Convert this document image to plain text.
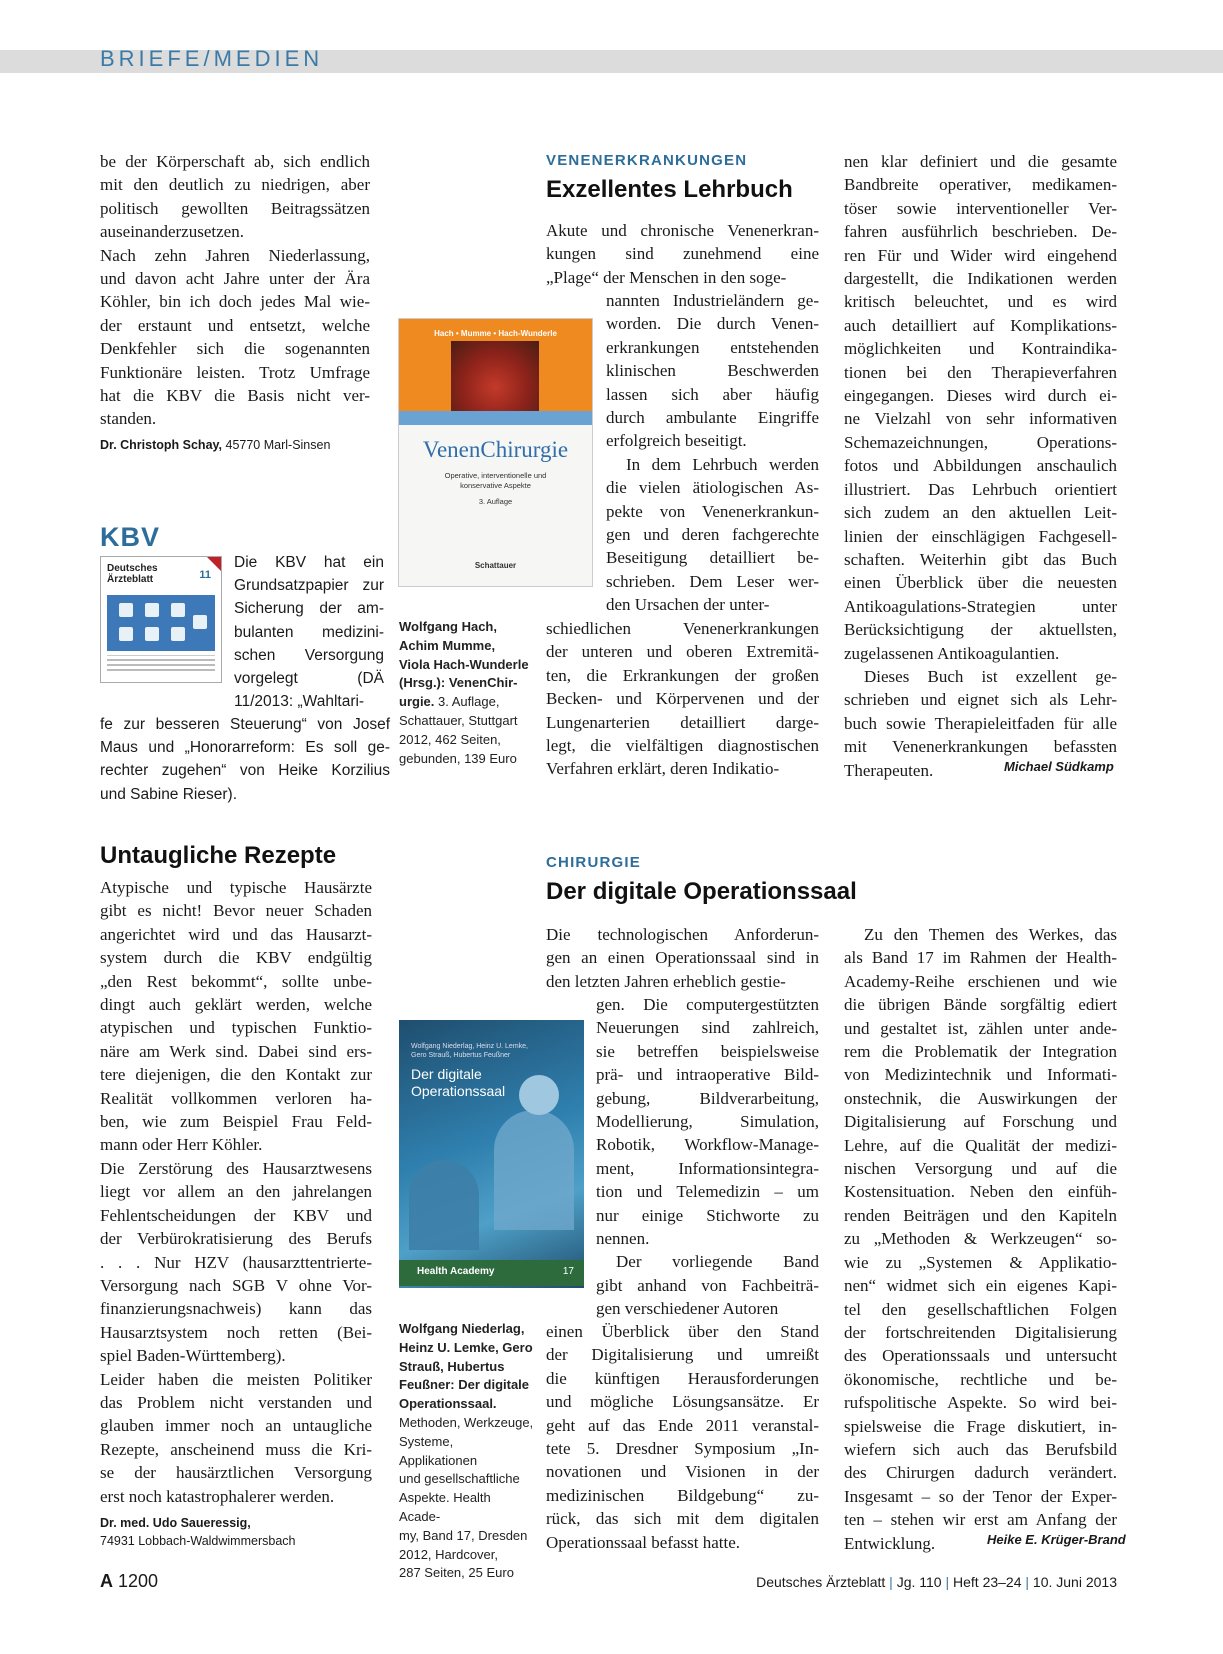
BRIEFE/MEDIEN
be der Körperschaft ab, sich endlich
mit den deutlich zu niedrigen, aber
politisch gewollten Beitragssätzen
auseinanderzusetzen.
Nach zehn Jahren Niederlassung,
und davon acht Jahre unter der Ära
Köhler, bin ich doch jedes Mal wie-
der erstaunt und entsetzt, welche
Denkfehler sich die sogenannten
Funktionäre leisten. Trotz Umfrage
hat die KBV die Basis nicht ver-
standen.
Dr. Christoph Schay, 45770 Marl-Sinsen
KBV
Deutsches
Ärzteblatt	11
Die KBV hat ein
Grundsatzpapier zur
Sicherung der am-
bulanten medizini-
schen Versorgung
vorgelegt (DÄ
11/2013: „Wahltari-
fe zur besseren Steuerung“ von Josef
Maus und „Honorarreform: Es soll ge-
rechter zugehen“ von Heike Korzilius
und Sabine Rieser).
Untaugliche Rezepte
Atypische und typische Hausärzte
gibt es nicht! Bevor neuer Schaden
angerichtet wird und das Hausarzt-
system durch die KBV endgültig
„den Rest bekommt“, sollte unbe-
dingt auch geklärt werden, welche
atypischen und typischen Funktio-
näre am Werk sind. Dabei sind ers-
tere diejenigen, die den Kontakt zur
Realität vollkommen verloren ha-
ben, wie zum Beispiel Frau Feld-
mann oder Herr Köhler.
Die Zerstörung des Hausarztwesens
liegt vor allem an den jahrelangen
Fehlentscheidungen der KBV und
der Verbürokratisierung des Berufs
. . . Nur HZV (hausarzttentrierte-
Versorgung nach SGB V ohne Vor-
finanzierungsnachweis) kann das
Hausarztsystem noch retten (Bei-
spiel Baden-Württemberg).
Leider haben die meisten Politiker
das Problem nicht verstanden und
glauben immer noch an untaugliche
Rezepte, anscheinend muss die Kri-
se der hausärztlichen Versorgung
erst noch katastrophalerer werden.
Dr. med. Udo Saueressig,
74931 Lobbach-Waldwimmersbach
Hach • Mumme • Hach-Wunderle
VenenChirurgie
Operative, interventionelle und
konservative Aspekte
3. Auflage
Schattauer
Wolfgang Hach,
Achim Mumme,
Viola Hach-Wunderle
(Hrsg.): VenenChir-
urgie. 3. Auflage,
Schattauer, Stuttgart
2012, 462 Seiten,
gebunden, 139 Euro
VENENERKRANKUNGEN
Exzellentes Lehrbuch
Akute und chronische Venenerkran-
kungen sind zunehmend eine
„Plage“ der Menschen in den soge-
nannten Industrieländern ge-
worden. Die durch Venen-
erkrankungen entstehenden
klinischen Beschwerden
lassen sich aber häufig
durch ambulante Eingriffe
erfolgreich beseitigt.
In dem Lehrbuch werden
die vielen ätiologischen As-
pekte von Venenerkrankun-
gen und deren fachgerechte
Beseitigung detailliert be-
schrieben. Dem Leser wer-
den Ursachen der unter-
schiedlichen Venenerkrankungen
der unteren und oberen Extremitä-
ten, die Erkrankungen der großen
Becken- und Körpervenen und der
Lungenarterien detailliert darge-
legt, die vielfältigen diagnostischen
Verfahren erklärt, deren Indikatio-
nen klar definiert und die gesamte
Bandbreite operativer, medikamen-
töser sowie interventioneller Ver-
fahren ausführlich beschrieben. De-
ren Für und Wider wird eingehend
dargestellt, die Indikationen werden
kritisch beleuchtet, und es wird
auch detailliert auf Komplikations-
möglichkeiten und Kontraindika-
tionen bei den Therapieverfahren
eingegangen. Dieses wird durch ei-
ne Vielzahl von sehr informativen
Schemazeichnungen, Operations-
fotos und Abbildungen anschaulich
illustriert. Das Lehrbuch orientiert
sich zudem an den aktuellen Leit-
linien der einschlägigen Fachgesell-
schaften. Weiterhin gibt das Buch
einen Überblick über die neuesten
Antikoagulations-Strategien unter
Berücksichtigung der aktuellsten,
zugelassenen Antikoagulantien.
Dieses Buch ist exzellent ge-
schrieben und eignet sich als Lehr-
buch sowie Therapieleitfaden für alle
mit Venenerkrankungen befassten
Therapeuten.	Michael Südkamp
Wolfgang Niederlag, Heinz U. Lemke,
Gero Strauß, Hubertus Feußner
Der digitale
Operationssaal
Health Academy	17
Wolfgang Niederlag,
Heinz U. Lemke, Gero
Strauß, Hubertus
Feußner: Der digitale
Operationssaal.
Methoden, Werkzeuge,
Systeme, Applikationen
und gesellschaftliche
Aspekte. Health Acade-
my, Band 17, Dresden
2012, Hardcover,
287 Seiten, 25 Euro
CHIRURGIE
Der digitale Operationssaal
Die technologischen Anforderun-
gen an einen Operationssaal sind in
den letzten Jahren erheblich gestie-
gen. Die computergestützten
Neuerungen sind zahlreich,
sie betreffen beispielsweise
prä- und intraoperative Bild-
gebung, Bildverarbeitung,
Modellierung, Simulation,
Robotik, Workflow-Manage-
ment, Informationsintegra-
tion und Telemedizin – um
nur einige Stichworte zu
nennen.
Der vorliegende Band
gibt anhand von Fachbeiträ-
gen verschiedener Autoren
einen Überblick über den Stand
der Digitalisierung und umreißt
die künftigen Herausforderungen
und mögliche Lösungsansätze. Er
geht auf das Ende 2011 veranstal-
tete 5. Dresdner Symposium „In-
novationen und Visionen in der
medizinischen Bildgebung“ zu-
rück, das sich mit dem digitalen
Operationssaal befasst hatte.
Zu den Themen des Werkes, das
als Band 17 im Rahmen der Health-
Academy-Reihe erschienen und wie
die übrigen Bände sorgfältig ediert
und gestaltet ist, zählen unter ande-
rem die Problematik der Integration
von Medizintechnik und Informati-
onstechnik, die Auswirkungen der
Digitalisierung auf Forschung und
Lehre, auf die Qualität der medizi-
nischen Versorgung und auf die
Kostensituation. Neben den einfüh-
renden Beiträgen und den Kapiteln
zu „Methoden & Werkzeugen“ so-
wie zu „Systemen & Applikatio-
nen“ widmet sich ein eigenes Kapi-
tel den gesellschaftlichen Folgen
der fortschreitenden Digitalisierung
des Operationssaals und untersucht
ökonomische, rechtliche und be-
rufspolitische Aspekte. So wird bei-
spielsweise die Frage diskutiert, in-
wiefern sich auch das Berufsbild
des Chirurgen dadurch verändert.
Insgesamt – so der Tenor der Exper-
ten – stehen wir erst am Anfang der
Entwicklung.	Heike E. Krüger-Brand
A 1200	Deutsches Ärzteblatt | Jg. 110 | Heft 23–24 | 10. Juni 2013
